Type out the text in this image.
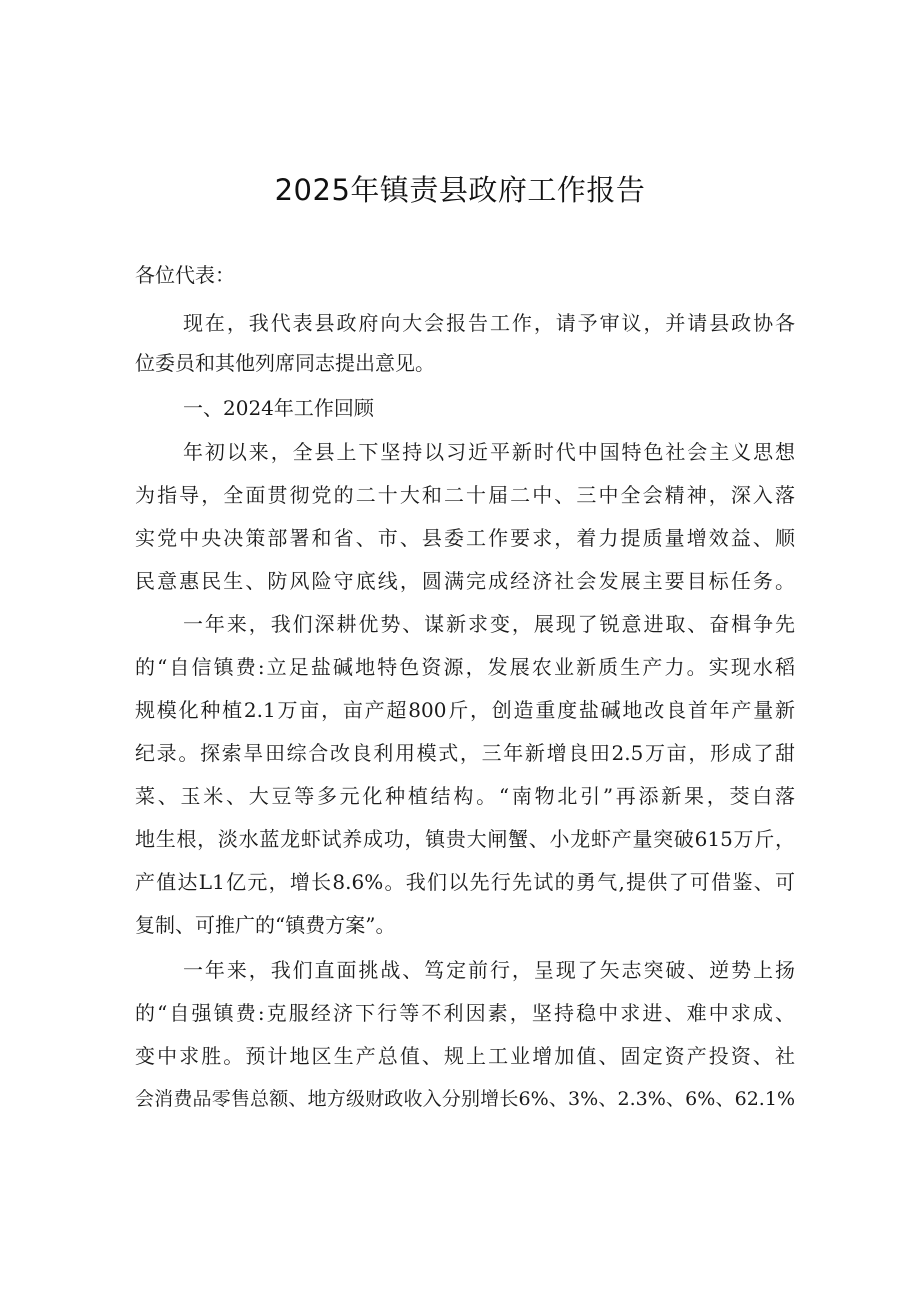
2025年镇责县政府工作报告
各位代表：
现在，我代表县政府向大会报告工作，请予审议，并请县政协各
位委员和其他列席同志提出意见。
一、2024年工作回顾
年初以来，全县上下坚持以习近平新时代中国特色社会主义思想
为指导，全面贯彻党的二十大和二十届二中、三中全会精神，深入落
实党中央决策部署和省、市、县委工作要求，着力提质量增效益、顺
民意惠民生、防风险守底线，圆满完成经济社会发展主要目标任务。
一年来，我们深耕优势、谋新求变，展现了锐意进取、奋楫争先
的“自信镇费:立足盐碱地特色资源，发展农业新质生产力。实现水稻
规模化种植2.1万亩，亩产超800斤，创造重度盐碱地改良首年产量新
纪录。探索旱田综合改良利用模式，三年新增良田2.5万亩，形成了甜
菜、玉米、大豆等多元化种植结构。“南物北引”再添新果，茭白落
地生根，淡水蓝龙虾试养成功，镇贵大闸蟹、小龙虾产量突破615万斤，
产值达L1亿元，增长8.6%。我们以先行先试的勇气,提供了可借鉴、可
复制、可推广的“镇费方案”。
一年来，我们直面挑战、笃定前行，呈现了矢志突破、逆势上扬
的“自强镇费:克服经济下行等不利因素，坚持稳中求进、难中求成、
变中求胜。预计地区生产总值、规上工业增加值、固定资产投资、社
会消费品零售总额、地方级财政收入分别增长6%、3%、2.3%、6%、62.1%
